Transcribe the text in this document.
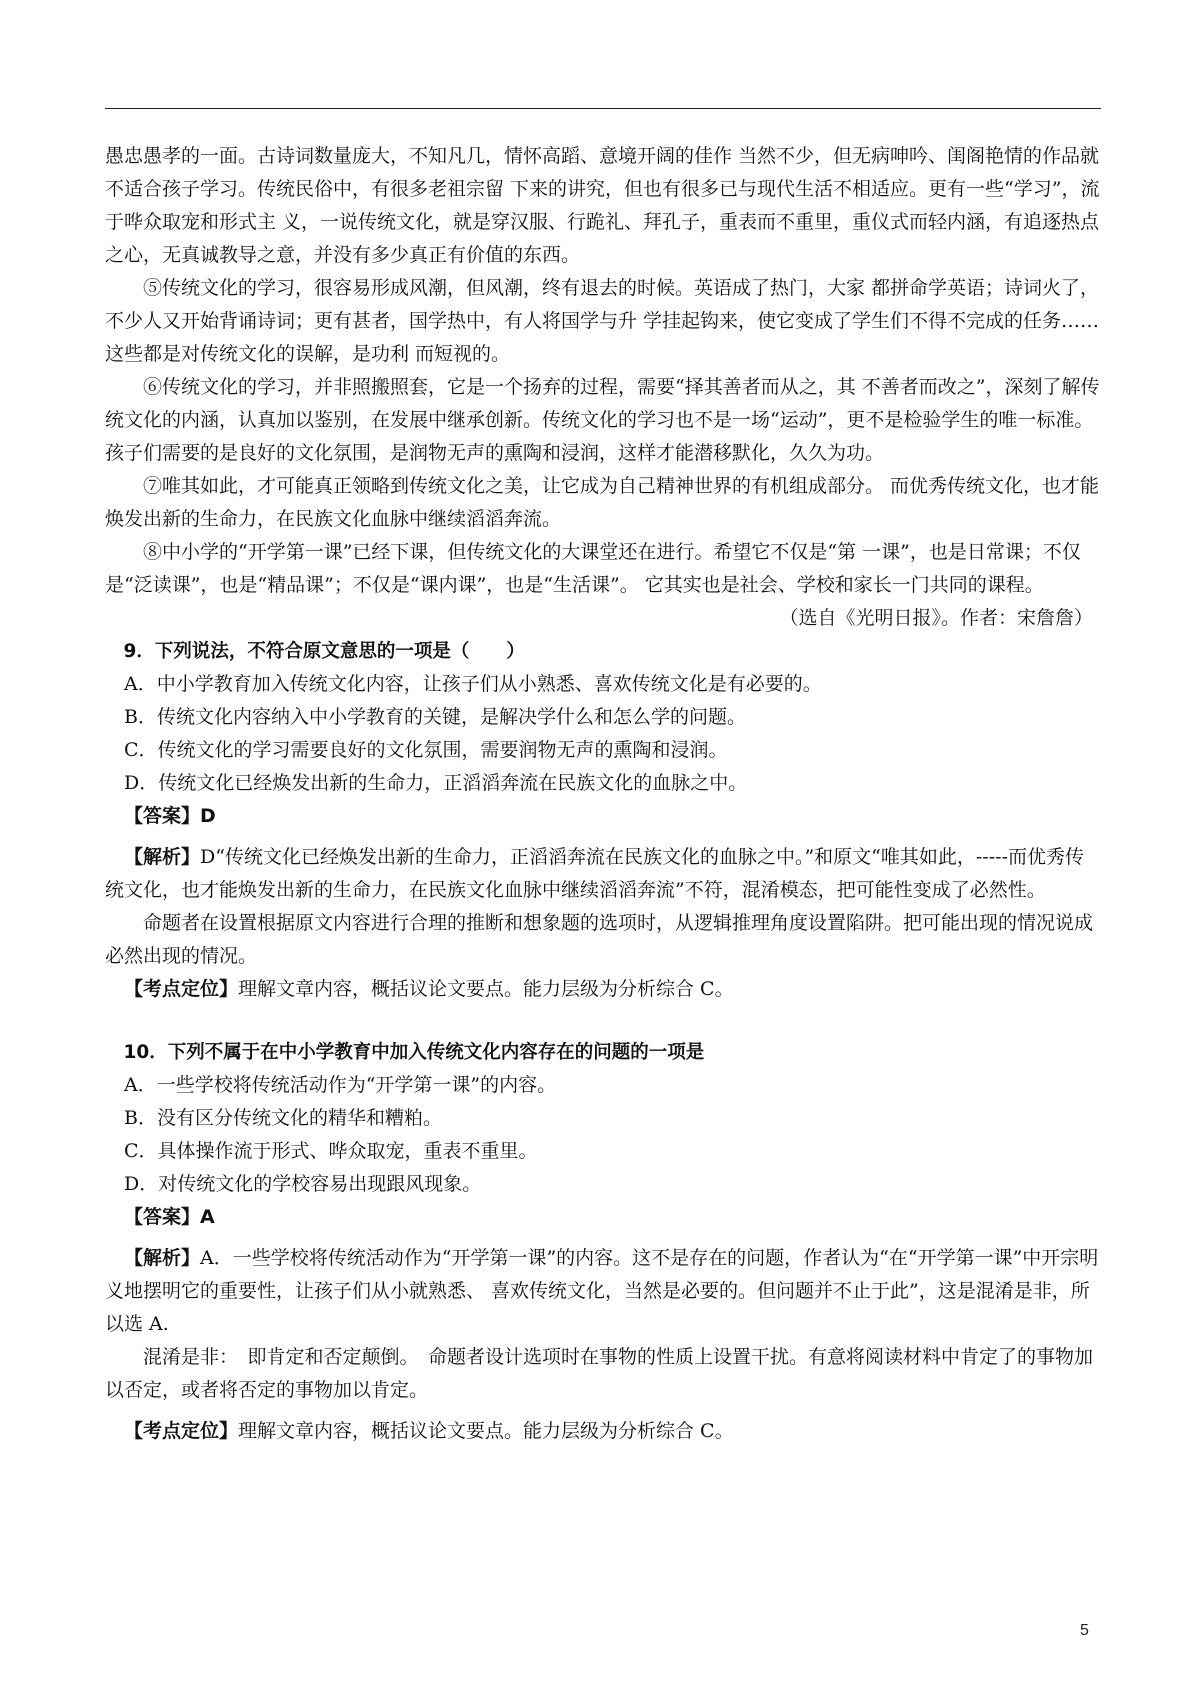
愚忠愚孝的一面。古诗词数量庞大，不知凡几，情怀高蹈、意境开阔的佳作 当然不少，但无病呻吟、闺阁艳情的作品就不适合孩子学习。传统民俗中，有很多老祖宗留 下来的讲究，但也有很多已与现代生活不相适应。更有一些“学习”，流于哗众取宠和形式主 义，一说传统文化，就是穿汉服、行跪礼、拜孔子，重表而不重里，重仪式而轻内涵，有追逐热点之心，无真诚教导之意，并没有多少真正有价值的东西。

⑤传统文化的学习，很容易形成风潮，但风潮，终有退去的时候。英语成了热门，大家 都拼命学英语；诗词火了，不少人又开始背诵诗词；更有甚者，国学热中，有人将国学与升 学挂起钩来，使它变成了学生们不得不完成的任务……这些都是对传统文化的误解，是功利 而短视的。

⑥传统文化的学习，并非照搬照套，它是一个扬弃的过程，需要“择其善者而从之，其 不善者而改之”，深刻了解传统文化的内涵，认真加以鉴别，在发展中继承创新。传统文化的学习也不是一场“运动”，更不是检验学生的唯一标准。孩子们需要的是良好的文化氛围，是润物无声的熏陶和浸润，这样才能潜移默化，久久为功。

⑦唯其如此，才可能真正领略到传统文化之美，让它成为自己精神世界的有机组成部分。 而优秀传统文化，也才能焕发出新的生命力，在民族文化血脉中继续滔滔奔流。

⑧中小学的“开学第一课”已经下课，但传统文化的大课堂还在进行。希望它不仅是“第 一课”，也是日常课；不仅是“泛读课”，也是“精品课”；不仅是“课内课”，也是“生活课”。 它其实也是社会、学校和家长一门共同的课程。

（选自《光明日报》。作者：宋詹詹）

9．下列说法，不符合原文意思的一项是（　　）

A．中小学教育加入传统文化内容，让孩子们从小熟悉、喜欢传统文化是有必要的。

B．传统文化内容纳入中小学教育的关键，是解决学什么和怎么学的问题。

C．传统文化的学习需要良好的文化氛围，需要润物无声的熏陶和浸润。

D．传统文化已经焕发出新的生命力，正滔滔奔流在民族文化的血脉之中。

【答案】D

【解析】D“传统文化已经焕发出新的生命力，正滔滔奔流在民族文化的血脉之中。”和原文“唯其如此，-----而优秀传统文化，也才能焕发出新的生命力，在民族文化血脉中继续滔滔奔流”不符，混淆模态，把可能性变成了必然性。

命题者在设置根据原文内容进行合理的推断和想象题的选项时，从逻辑推理角度设置陷阱。把可能出现的情况说成必然出现的情况。

【考点定位】理解文章内容，概括议论文要点。能力层级为分析综合 C。

10．下列不属于在中小学教育中加入传统文化内容存在的问题的一项是

A．一些学校将传统活动作为“开学第一课”的内容。

B．没有区分传统文化的精华和糟粕。

C．具体操作流于形式、哗众取宠，重表不重里。

D．对传统文化的学校容易出现跟风现象。

【答案】A

【解析】A．一些学校将传统活动作为“开学第一课”的内容。这不是存在的问题，作者认为“在“开学第一课”中开宗明义地摆明它的重要性，让孩子们从小就熟悉、 喜欢传统文化，当然是必要的。但问题并不止于此”，这是混淆是非，所以选 A.

混淆是非：　即肯定和否定颠倒。　命题者设计选项时在事物的性质上设置干扰。有意将阅读材料中肯定了的事物加以否定，或者将否定的事物加以肯定。

【考点定位】理解文章内容，概括议论文要点。能力层级为分析综合 C。

5
